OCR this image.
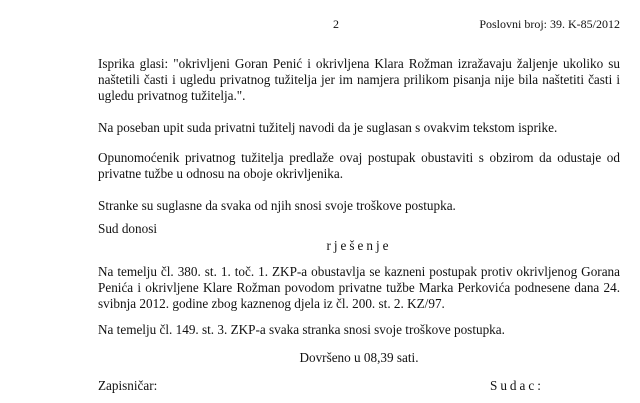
2	Poslovni broj: 39. K-85/2012
Isprika glasi: "okrivljeni Goran Penić i okrivljena Klara Rožman izražavaju žaljenje ukoliko su naštetili časti i ugledu privatnog tužitelja jer im namjera prilikom pisanja nije bila naštetiti časti i ugledu privatnog tužitelja.".
Na poseban upit suda privatni tužitelj navodi da je suglasan s ovakvim tekstom isprike.
Opunomoćenik privatnog tužitelja predlaže ovaj postupak obustaviti s obzirom da odustaje od privatne tužbe u odnosu na oboje okrivljenika.
Stranke su suglasne da svaka od njih snosi svoje troškove postupka.
Sud donosi
rješenje
Na temelju čl. 380. st. 1. toč. 1. ZKP-a obustavlja se kazneni postupak protiv okrivljenog Gorana Penića i okrivljene Klare Rožman povodom privatne tužbe Marka Perkovića podnesene dana 24. svibnja 2012. godine zbog kaznenog djela iz čl. 200. st. 2. KZ/97.
Na temelju čl. 149. st. 3. ZKP-a svaka stranka snosi svoje troškove postupka.
Dovršeno u 08,39 sati.
Zapisničar:	Sudac:
